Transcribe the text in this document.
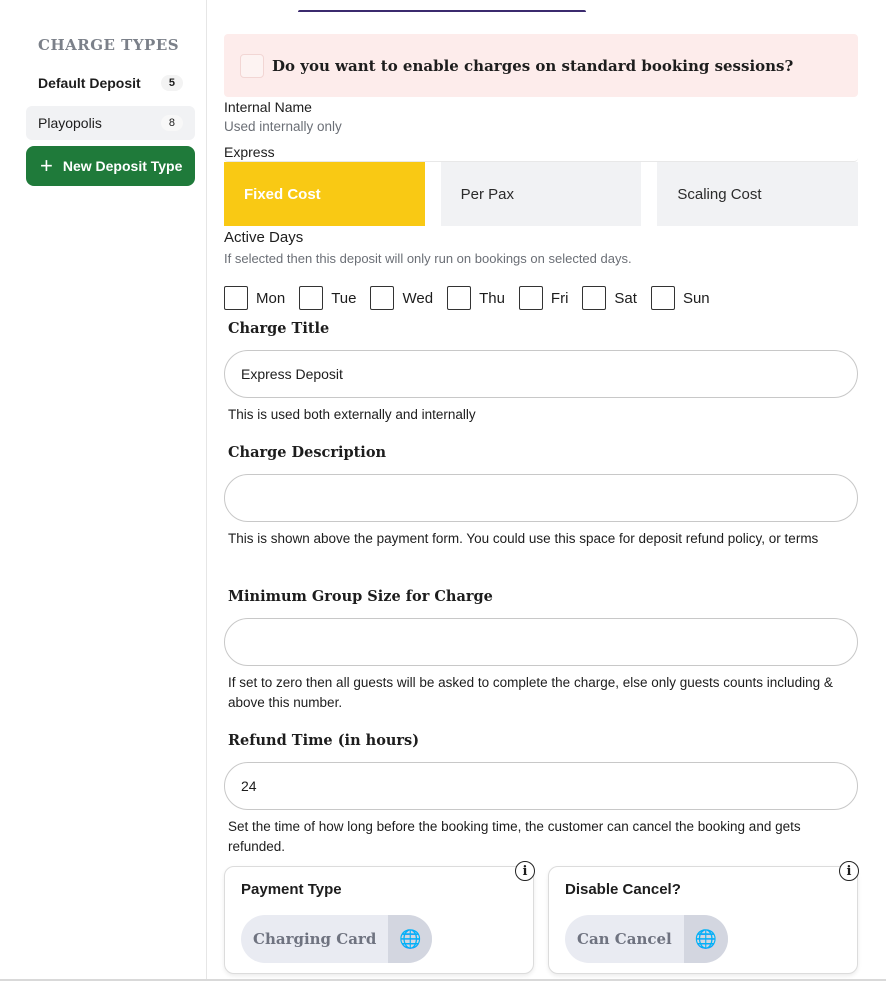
CHARGE TYPES
Default Deposit	5
Playopolis	8
+ New Deposit Type
Do you want to enable charges on standard booking sessions?
Internal Name
Used internally only
Express
Fixed Cost	Per Pax	Scaling Cost
Active Days
If selected then this deposit will only run on bookings on selected days.
Mon	Tue	Wed	Thu	Fri	Sat	Sun
Charge Title
Express Deposit
This is used both externally and internally
Charge Description
This is shown above the payment form. You could use this space for deposit refund policy, or terms
Minimum Group Size for Charge
If set to zero then all guests will be asked to complete the charge, else only guests counts including & above this number.
Refund Time (in hours)
24
Set the time of how long before the booking time, the customer can cancel the booking and gets refunded.
i
Payment Type
Charging Card	🌐
i
Disable Cancel?
Can Cancel	🌐
